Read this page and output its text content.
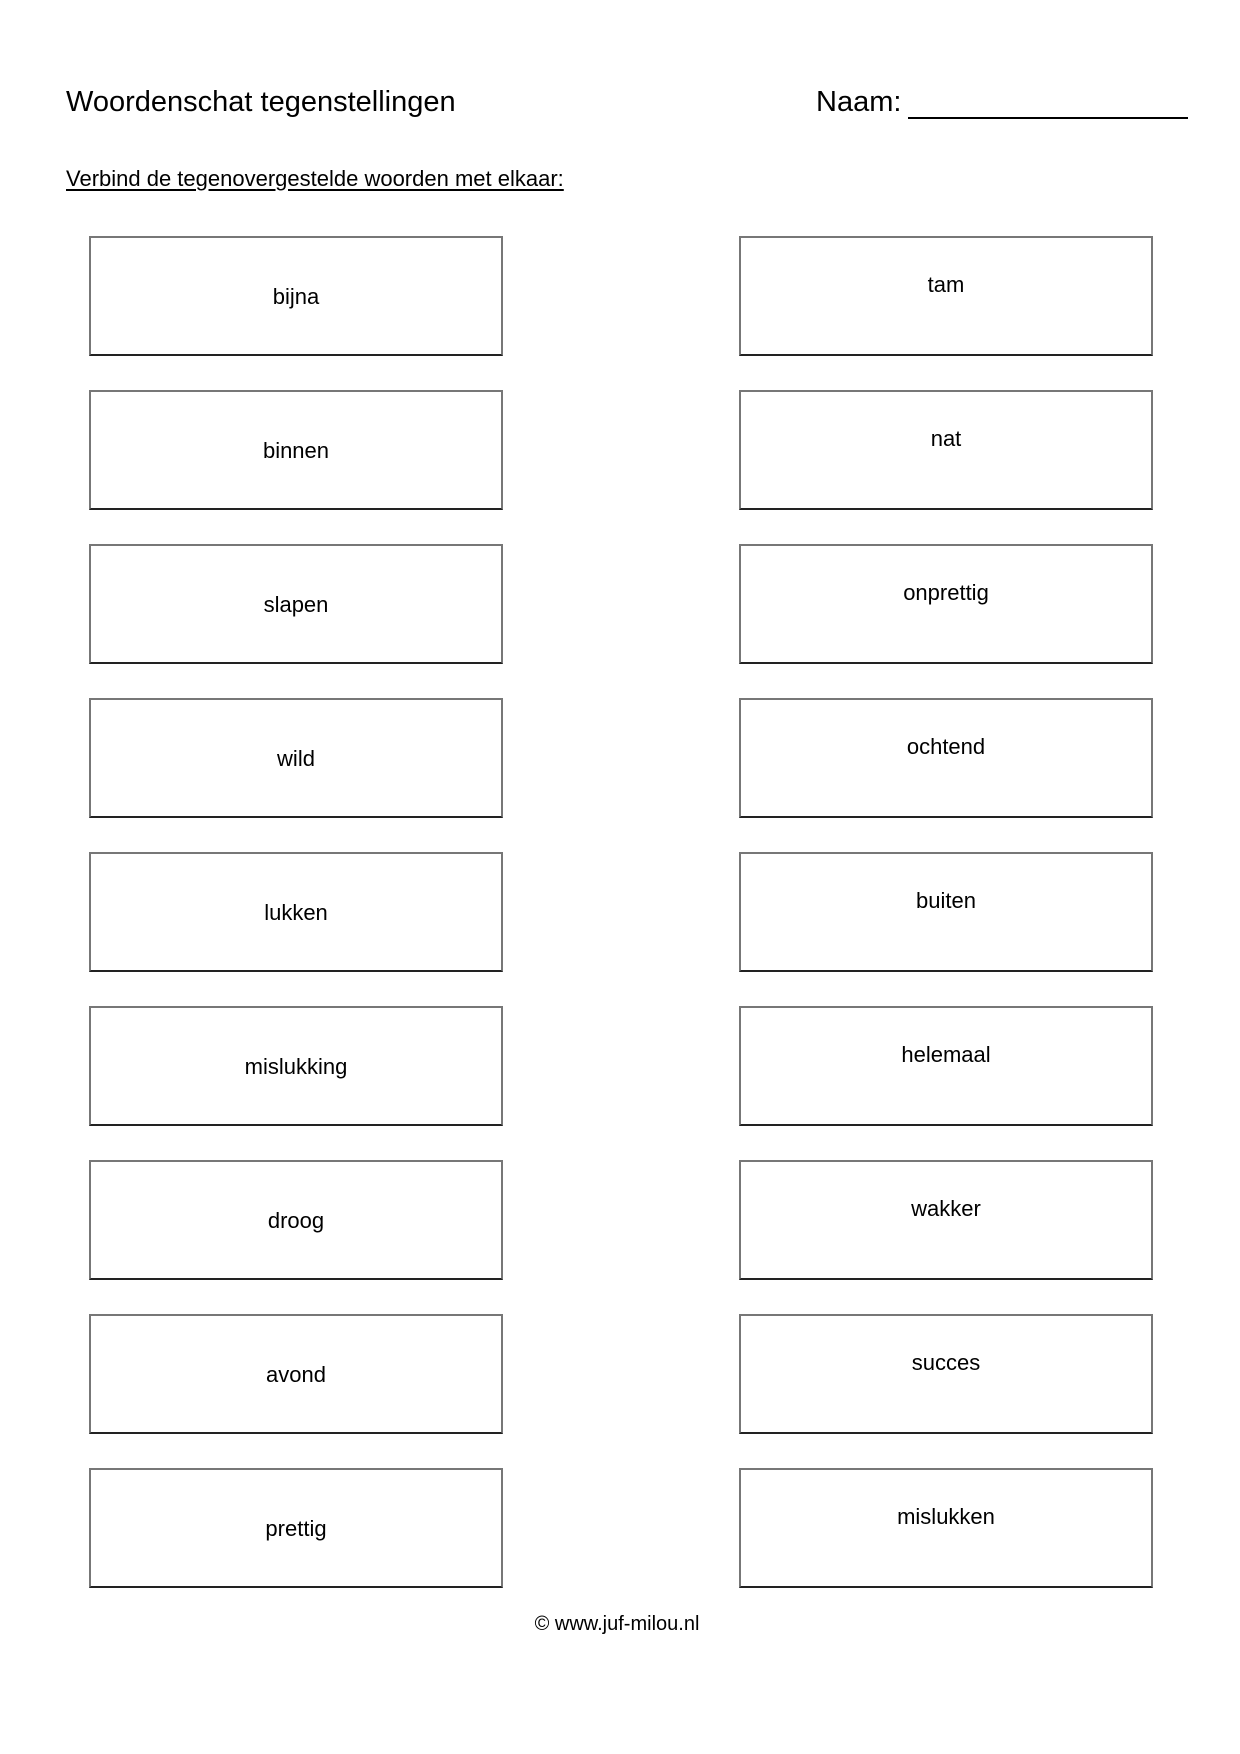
Woordenschat tegenstellingen	Naam:
Verbind de tegenovergestelde woorden met elkaar:
bijna
binnen
slapen
wild
lukken
mislukking
droog
avond
prettig
tam
nat
onprettig
ochtend
buiten
helemaal
wakker
succes
mislukken
© www.juf-milou.nl
